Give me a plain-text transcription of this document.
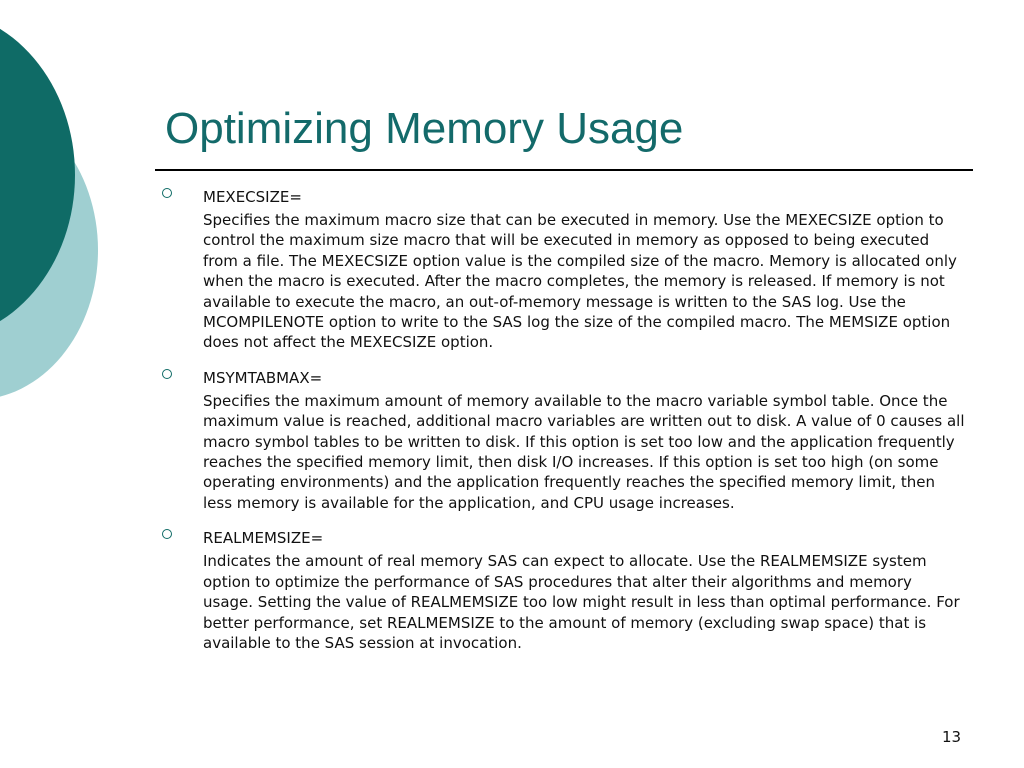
Optimizing Memory Usage
MEXECSIZE=
Specifies the maximum macro size that can be executed in memory. Use the MEXECSIZE option to control the maximum size macro that will be executed in memory as opposed to being executed from a file. The MEXECSIZE option value is the compiled size of the macro. Memory is allocated only when the macro is executed. After the macro completes, the memory is released. If memory is not available to execute the macro, an out-of-memory message is written to the SAS log. Use the MCOMPILENOTE option to write to the SAS log the size of the compiled macro. The MEMSIZE option does not affect the MEXECSIZE option.
MSYMTABMAX=
Specifies the maximum amount of memory available to the macro variable symbol table. Once the maximum value is reached, additional macro variables are written out to disk. A value of 0 causes all macro symbol tables to be written to disk. If this option is set too low and the application frequently reaches the specified memory limit, then disk I/O increases. If this option is set too high (on some operating environments) and the application frequently reaches the specified memory limit, then less memory is available for the application, and CPU usage increases.
REALMEMSIZE=
Indicates the amount of real memory SAS can expect to allocate. Use the REALMEMSIZE system option to optimize the performance of SAS procedures that alter their algorithms and memory usage. Setting the value of REALMEMSIZE too low might result in less than optimal performance. For better performance, set REALMEMSIZE to the amount of memory (excluding swap space) that is available to the SAS session at invocation.
13
